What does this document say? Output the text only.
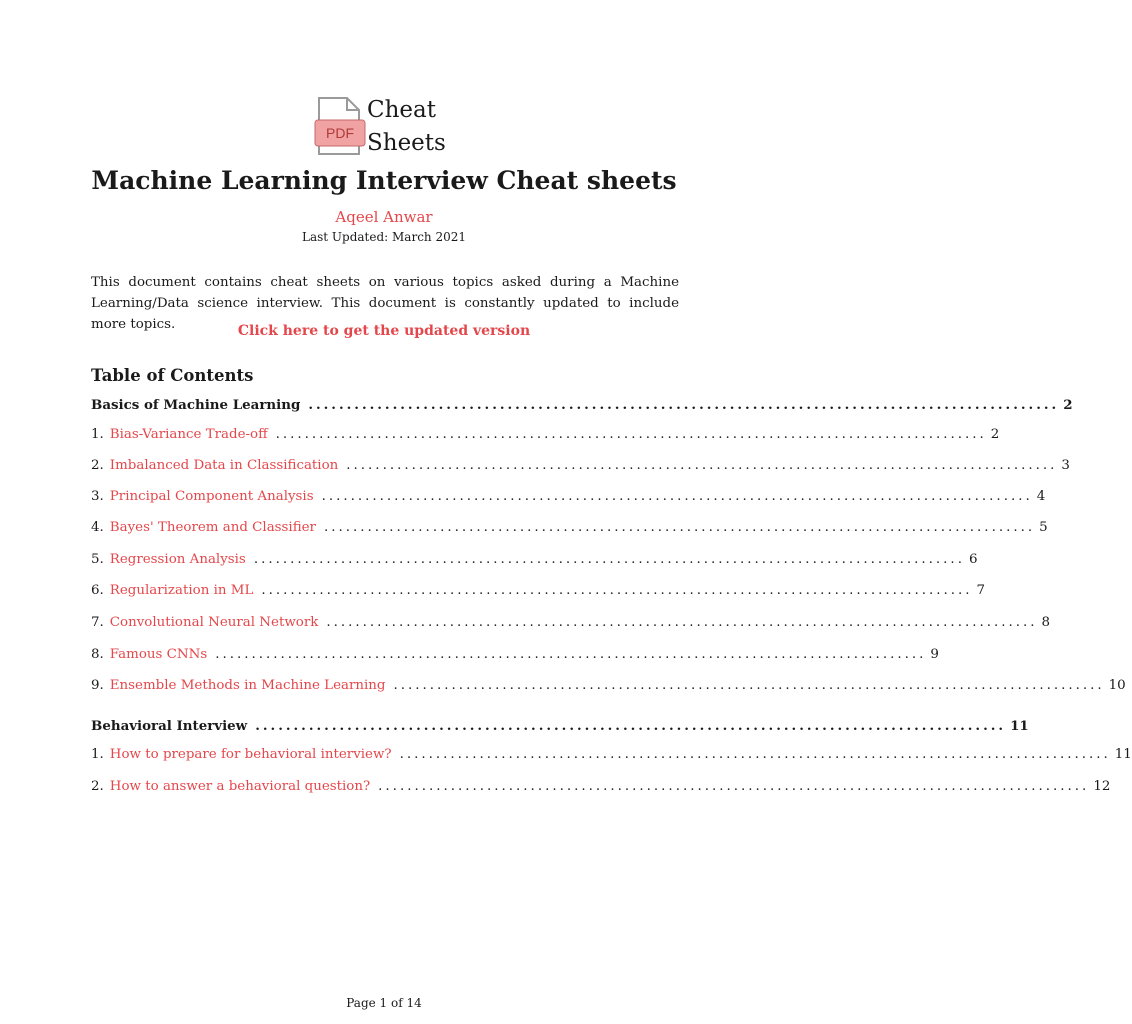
PDF
Cheat
Sheets
Machine Learning Interview Cheat sheets
Aqeel Anwar
Last Updated: March 2021
This document contains cheat sheets on various topics asked during a Machine Learning/Data science interview. This document is constantly updated to include more topics.	Click here to get the updated version
Table of Contents
Basics of Machine Learning .................................................................................................. 2
1. Bias-Variance Trade-off .................................................................................................. 2
2. Imbalanced Data in Classification .................................................................................................. 3
3. Principal Component Analysis .................................................................................................. 4
4. Bayes' Theorem and Classifier .................................................................................................. 5
5. Regression Analysis .................................................................................................. 6
6. Regularization in ML .................................................................................................. 7
7. Convolutional Neural Network .................................................................................................. 8
8. Famous CNNs .................................................................................................. 9
9. Ensemble Methods in Machine Learning .................................................................................................. 10
Behavioral Interview .................................................................................................. 11
1. How to prepare for behavioral interview? .................................................................................................. 11
2. How to answer a behavioral question? .................................................................................................. 12
Page 1 of 14
